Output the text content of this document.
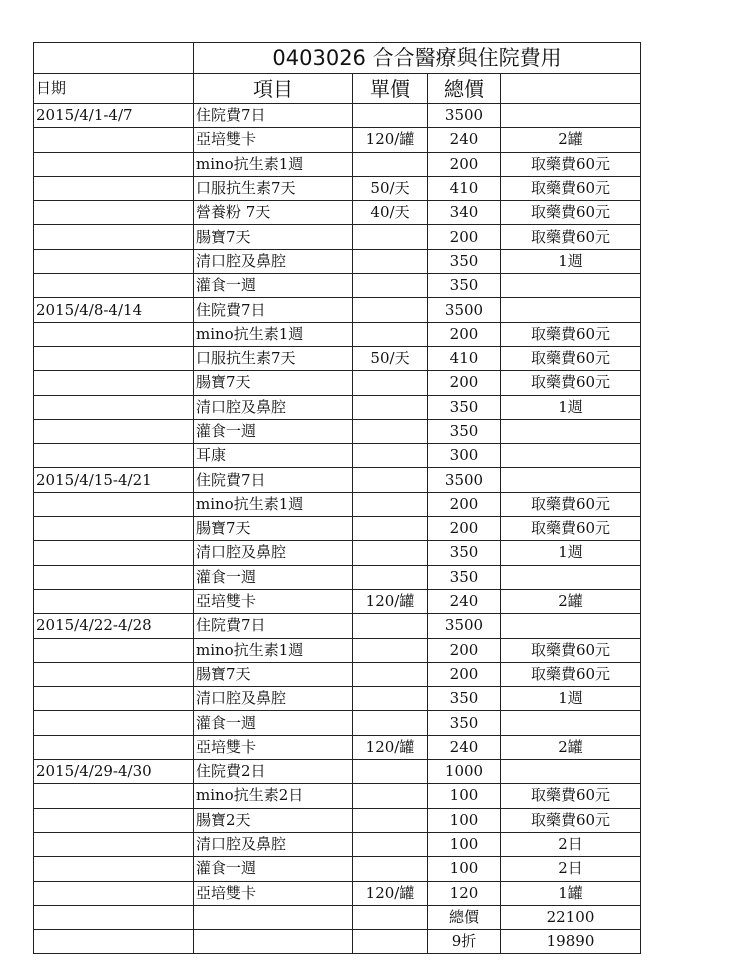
	0403026 合合醫療與住院費用			
日期	項目	單價	總價	
2015/4/1-4/7	住院費7日		3500	
	亞培雙卡	120/罐	240	2罐
	mino抗生素1週		200	取藥費60元
	口服抗生素7天	50/天	410	取藥費60元
	營養粉 7天	40/天	340	取藥費60元
	腸寶7天		200	取藥費60元
	清口腔及鼻腔		350	1週
	灌食一週		350	
2015/4/8-4/14	住院費7日		3500	
	mino抗生素1週		200	取藥費60元
	口服抗生素7天	50/天	410	取藥費60元
	腸寶7天		200	取藥費60元
	清口腔及鼻腔		350	1週
	灌食一週		350	
	耳康		300	
2015/4/15-4/21	住院費7日		3500	
	mino抗生素1週		200	取藥費60元
	腸寶7天		200	取藥費60元
	清口腔及鼻腔		350	1週
	灌食一週		350	
	亞培雙卡	120/罐	240	2罐
2015/4/22-4/28	住院費7日		3500	
	mino抗生素1週		200	取藥費60元
	腸寶7天		200	取藥費60元
	清口腔及鼻腔		350	1週
	灌食一週		350	
	亞培雙卡	120/罐	240	2罐
2015/4/29-4/30	住院費2日		1000	
	mino抗生素2日		100	取藥費60元
	腸寶2天		100	取藥費60元
	清口腔及鼻腔		100	2日
	灌食一週		100	2日
	亞培雙卡	120/罐	120	1罐
			總價	22100
			9折	19890
